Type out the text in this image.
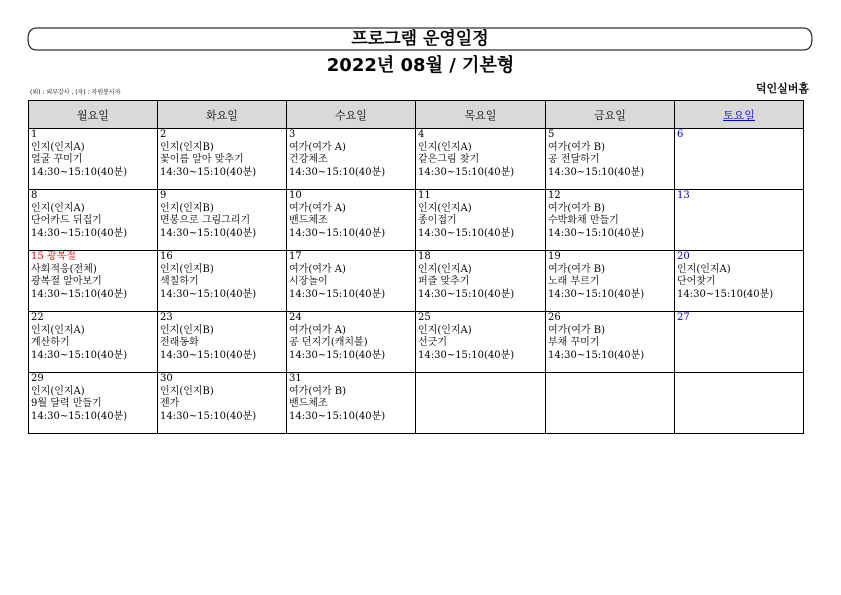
프로그램 운영일정
2022년 08월 / 기본형
(외) : 외부강사 , (자) : 자원봉사자	덕인실버홈
월요일	화요일	수요일	목요일	금요일	토요일

1
인지(인지A)
얼굴 꾸미기
14:30~15:10(40분)	2
인지(인지B)
꽃이름 알아 맞추기
14:30~15:10(40분)	3
여가(여가 A)
건강체조
14:30~15:10(40분)	4
인지(인지A)
같은그림 찾기
14:30~15:10(40분)	5
여가(여가 B)
공 전달하기
14:30~15:10(40분)	6

8
인지(인지A)
단어카드 뒤집기
14:30~15:10(40분)	9
인지(인지B)
면봉으로 그림그리기
14:30~15:10(40분)	10
여가(여가 A)
밴드체조
14:30~15:10(40분)	11
인지(인지A)
종이접기
14:30~15:10(40분)	12
여가(여가 B)
수박화채 만들기
14:30~15:10(40분)	13

15 광복절
사회적응(전체)
광복절 알아보기
14:30~15:10(40분)	16
인지(인지B)
색칠하기
14:30~15:10(40분)	17
여가(여가 A)
시장놀이
14:30~15:10(40분)	18
인지(인지A)
퍼즐 맞추기
14:30~15:10(40분)	19
여가(여가 B)
노래 부르기
14:30~15:10(40분)	20
인지(인지A)
단어찾기
14:30~15:10(40분)

22
인지(인지A)
계산하기
14:30~15:10(40분)	23
인지(인지B)
전래동화
14:30~15:10(40분)	24
여가(여가 A)
공 던지기(캐치볼)
14:30~15:10(40분)	25
인지(인지A)
선긋기
14:30~15:10(40분)	26
여가(여가 B)
부채 꾸미기
14:30~15:10(40분)	27

29
인지(인지A)
9월 달력 만들기
14:30~15:10(40분)	30
인지(인지B)
젠가
14:30~15:10(40분)	31
여가(여가 B)
밴드체조
14:30~15:10(40분)			
